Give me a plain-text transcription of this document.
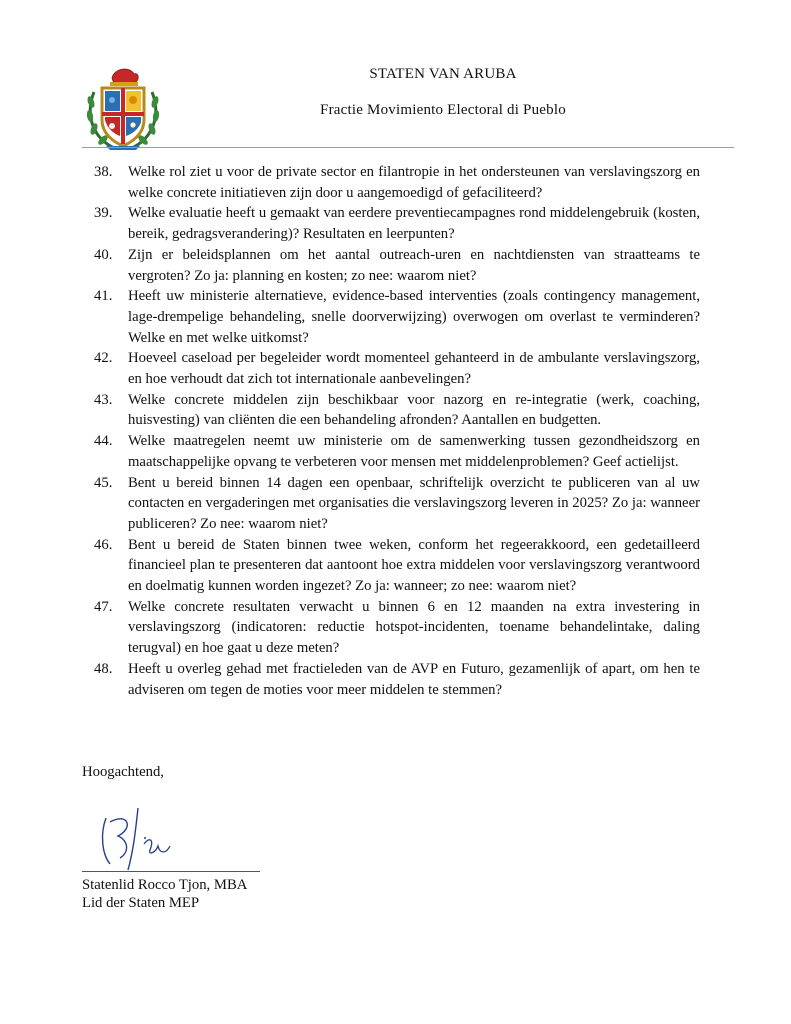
STATEN VAN ARUBA
Fractie Movimiento Electoral di Pueblo
38.	Welke rol ziet u voor de private sector en filantropie in het ondersteunen van verslavingszorg en welke concrete initiatieven zijn door u aangemoedigd of gefaciliteerd?
39.	Welke evaluatie heeft u gemaakt van eerdere preventiecampagnes rond middelengebruik (kosten, bereik, gedragsverandering)? Resultaten en leerpunten?
40.	Zijn er beleidsplannen om het aantal outreach-uren en nachtdiensten van straatteams te vergroten? Zo ja: planning en kosten; zo nee: waarom niet?
41.	Heeft uw ministerie alternatieve, evidence-based interventies (zoals contingency management, lage-drempelige behandeling, snelle doorverwijzing) overwogen om overlast te verminderen? Welke en met welke uitkomst?
42.	Hoeveel caseload per begeleider wordt momenteel gehanteerd in de ambulante verslavingszorg, en hoe verhoudt dat zich tot internationale aanbevelingen?
43.	Welke concrete middelen zijn beschikbaar voor nazorg en re-integratie (werk, coaching, huisvesting) van cliënten die een behandeling afronden? Aantallen en budgetten.
44.	Welke maatregelen neemt uw ministerie om de samenwerking tussen gezondheidszorg en maatschappelijke opvang te verbeteren voor mensen met middelenproblemen? Geef actielijst.
45.	Bent u bereid binnen 14 dagen een openbaar, schriftelijk overzicht te publiceren van al uw contacten en vergaderingen met organisaties die verslavingszorg leveren in 2025? Zo ja: wanneer publiceren? Zo nee: waarom niet?
46.	Bent u bereid de Staten binnen twee weken, conform het regeerakkoord, een gedetailleerd financieel plan te presenteren dat aantoont hoe extra middelen voor verslavingszorg verantwoord en doelmatig kunnen worden ingezet? Zo ja: wanneer; zo nee: waarom niet?
47.	Welke concrete resultaten verwacht u binnen 6 en 12 maanden na extra investering in verslavingszorg (indicatoren: reductie hotspot-incidenten, toename behandelintake, daling terugval) en hoe gaat u deze meten?
48.	Heeft u overleg gehad met fractieleden van de AVP en Futuro, gezamenlijk of apart, om hen te adviseren om tegen de moties voor meer middelen te stemmen?
Hoogachtend,
Statenlid Rocco Tjon, MBA
Lid der Staten MEP
